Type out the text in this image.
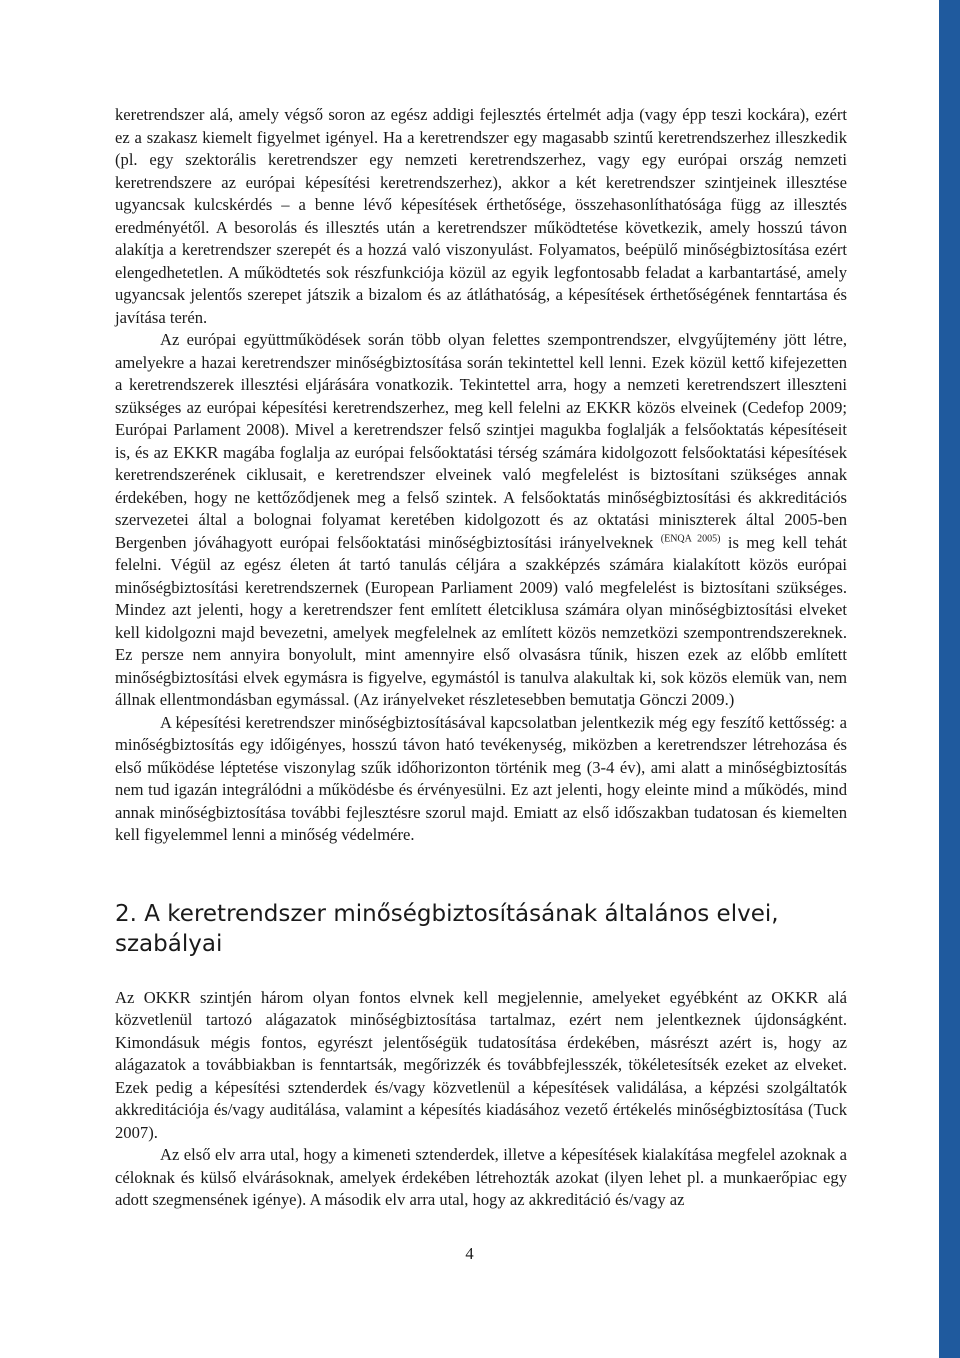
keretrendszer alá, amely végső soron az egész addigi fejlesztés értelmét adja (vagy épp teszi kockára), ezért ez a szakasz kiemelt figyelmet igényel. Ha a keretrendszer egy magasabb szintű keretrendszerhez illeszkedik (pl. egy szektorális keretrendszer egy nemzeti keretrendszerhez, vagy egy európai ország nemzeti keretrendszere az európai képesítési keretrendszerhez), akkor a két keretrendszer szintjeinek illesztése ugyancsak kulcskérdés – a benne lévő képesítések érthetősége, összehasonlíthatósága függ az illesztés eredményétől. A besorolás és illesztés után a keretrendszer működtetése következik, amely hosszú távon alakítja a keretrendszer szerepét és a hozzá való viszonyulást. Folyamatos, beépülő minőségbiztosítása ezért elengedhetetlen. A működtetés sok részfunkciója közül az egyik legfontosabb feladat a karbantartásé, amely ugyancsak jelentős szerepet játszik a bizalom és az átláthatóság, a képesítések érthetőségének fenntartása és javítása terén.

Az európai együttműködések során több olyan felettes szempontrendszer, elvgyűjtemény jött létre, amelyekre a hazai keretrendszer minőségbiztosítása során tekintettel kell lenni. Ezek közül kettő kifejezetten a keretrendszerek illesztési eljárására vonatkozik. Tekintettel arra, hogy a nemzeti keretrendszert illeszteni szükséges az európai képesítési keretrendszerhez, meg kell felelni az EKKR közös elveinek (Cedefop 2009; Európai Parlament 2008). Mivel a keretrendszer felső szintjei magukba foglalják a felsőoktatás képesítéseit is, és az EKKR magába foglalja az európai felsőoktatási térség számára kidolgozott felsőoktatási képesítések keretrendszerének ciklusait, e keretrendszer elveinek való megfelelést is biztosítani szükséges annak érdekében, hogy ne kettőződjenek meg a felső szintek. A felsőoktatás minőségbiztosítási és akkreditációs szervezetei által a bolognai folyamat keretében kidolgozott és az oktatási miniszterek által 2005-ben Bergenben jóváhagyott európai felsőoktatási minőségbiztosítási irányelveknek $^{(ENQA 2005)}$ is meg kell tehát felelni. Végül az egész életen át tartó tanulás céljára a szakképzés számára kialakított közös európai minőségbiztosítási keretrendszernek (European Parliament 2009) való megfelelést is biztosítani szükséges. Mindez azt jelenti, hogy a keretrendszer fent említett életciklusa számára olyan minőségbiztosítási elveket kell kidolgozni majd bevezetni, amelyek megfelelnek az említett közös nemzetközi szempontrendszereknek. Ez persze nem annyira bonyolult, mint amennyire első olvasásra tűnik, hiszen ezek az előbb említett minőségbiztosítási elvek egymásra is figyelve, egymástól is tanulva alakultak ki, sok közös elemük van, nem állnak ellentmondásban egymással. (Az irányelveket részletesebben bemutatja Gönczi 2009.)

A képesítési keretrendszer minőségbiztosításával kapcsolatban jelentkezik még egy feszítő kettősség: a minőségbiztosítás egy időigényes, hosszú távon ható tevékenység, miközben a keretrendszer létrehozása és első működése léptetése viszonylag szűk időhorizonton történik meg (3-4 év), ami alatt a minőségbiztosítás nem tud igazán integrálódni a működésbe és érvényesülni. Ez azt jelenti, hogy eleinte mind a működés, mind annak minőségbiztosítása további fejlesztésre szorul majd. Emiatt az első időszakban tudatosan és kiemelten kell figyelemmel lenni a minőség védelmére.

2. A keretrendszer minőségbiztosításának általános elvei, szabályai

Az OKKR szintjén három olyan fontos elvnek kell megjelennie, amelyeket egyébként az OKKR alá közvetlenül tartozó alágazatok minőségbiztosítása tartalmaz, ezért nem jelentkeznek újdonságként. Kimondásuk mégis fontos, egyrészt jelentőségük tudatosítása érdekében, másrészt azért is, hogy az alágazatok a továbbiakban is fenntartsák, megőrizzék és továbbfejlesszék, tökéletesítsék ezeket az elveket. Ezek pedig a képesítési sztenderdek és/vagy közvetlenül a képesítések validálása, a képzési szolgáltatók akkreditációja és/vagy auditálása, valamint a képesítés kiadásához vezető értékelés minőségbiztosítása (Tuck 2007).

Az első elv arra utal, hogy a kimeneti sztenderdek, illetve a képesítések kialakítása megfelel azoknak a céloknak és külső elvárásoknak, amelyek érdekében létrehozták azokat (ilyen lehet pl. a munkaerőpiac egy adott szegmensének igénye). A második elv arra utal, hogy az akkreditáció és/vagy az

4
